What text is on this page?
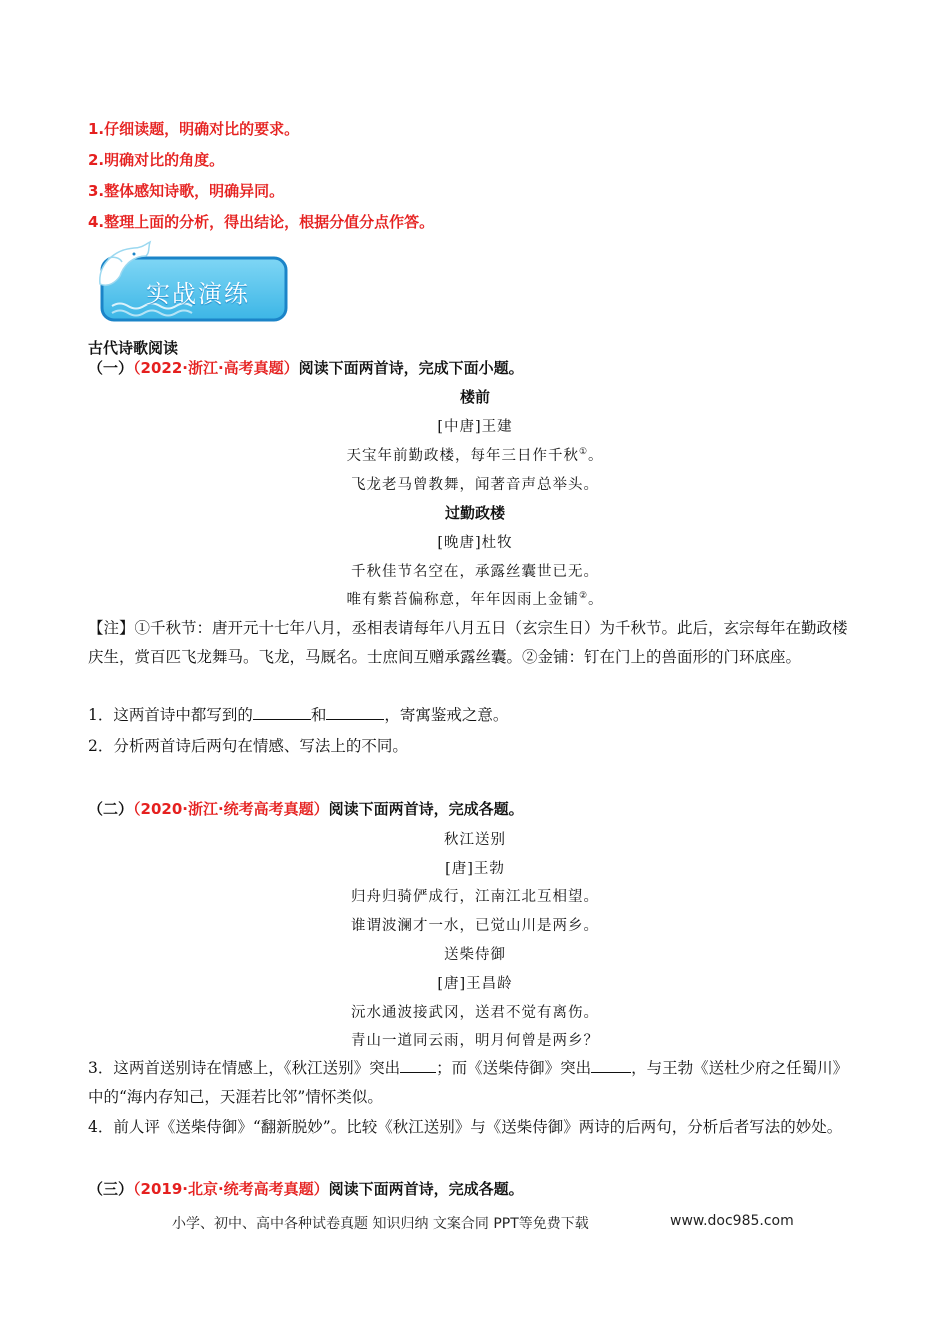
1.仔细读题，明确对比的要求。
2.明确对比的角度。
3.整体感知诗歌，明确异同。
4.整理上面的分析，得出结论，根据分值分点作答。
实战演练
古代诗歌阅读
（一）（2022·浙江·高考真题）阅读下面两首诗，完成下面小题。
楼前
[中唐]王建
天宝年前勤政楼，每年三日作千秋①。
飞龙老马曾教舞，闻著音声总举头。
过勤政楼
[晚唐]杜牧
千秋佳节名空在，承露丝囊世已无。
唯有紫苔偏称意，年年因雨上金铺②。
【注】①千秋节：唐开元十七年八月，丞相表请每年八月五日（玄宗生日）为千秋节。此后，玄宗每年在勤政楼庆生，赏百匹飞龙舞马。飞龙，马厩名。士庶间互赠承露丝囊。②金铺：钉在门上的兽面形的门环底座。
1．这两首诗中都写到的	和	，寄寓鉴戒之意。
2．分析两首诗后两句在情感、写法上的不同。
（二）（2020·浙江·统考高考真题）阅读下面两首诗，完成各题。
秋江送别
[唐]王勃
归舟归骑俨成行，江南江北互相望。
谁谓波澜才一水，已觉山川是两乡。
送柴侍御
[唐]王昌龄
沅水通波接武冈，送君不觉有离伤。
青山一道同云雨，明月何曾是两乡？
3．这两首送别诗在情感上，《秋江送别》突出 ；而《送柴侍御》突出	，与王勃《送杜少府之任蜀川》中的“海内存知己，天涯若比邻”情怀类似。
4．前人评《送柴侍御》“翻新脱妙”。比较《秋江送别》与《送柴侍御》两诗的后两句，分析后者写法的妙处。
（三）（2019·北京·统考高考真题）阅读下面两首诗，完成各题。
小学、初中、高中各种试卷真题 知识归纳 文案合同 PPT等免费下载	www.doc985.com
